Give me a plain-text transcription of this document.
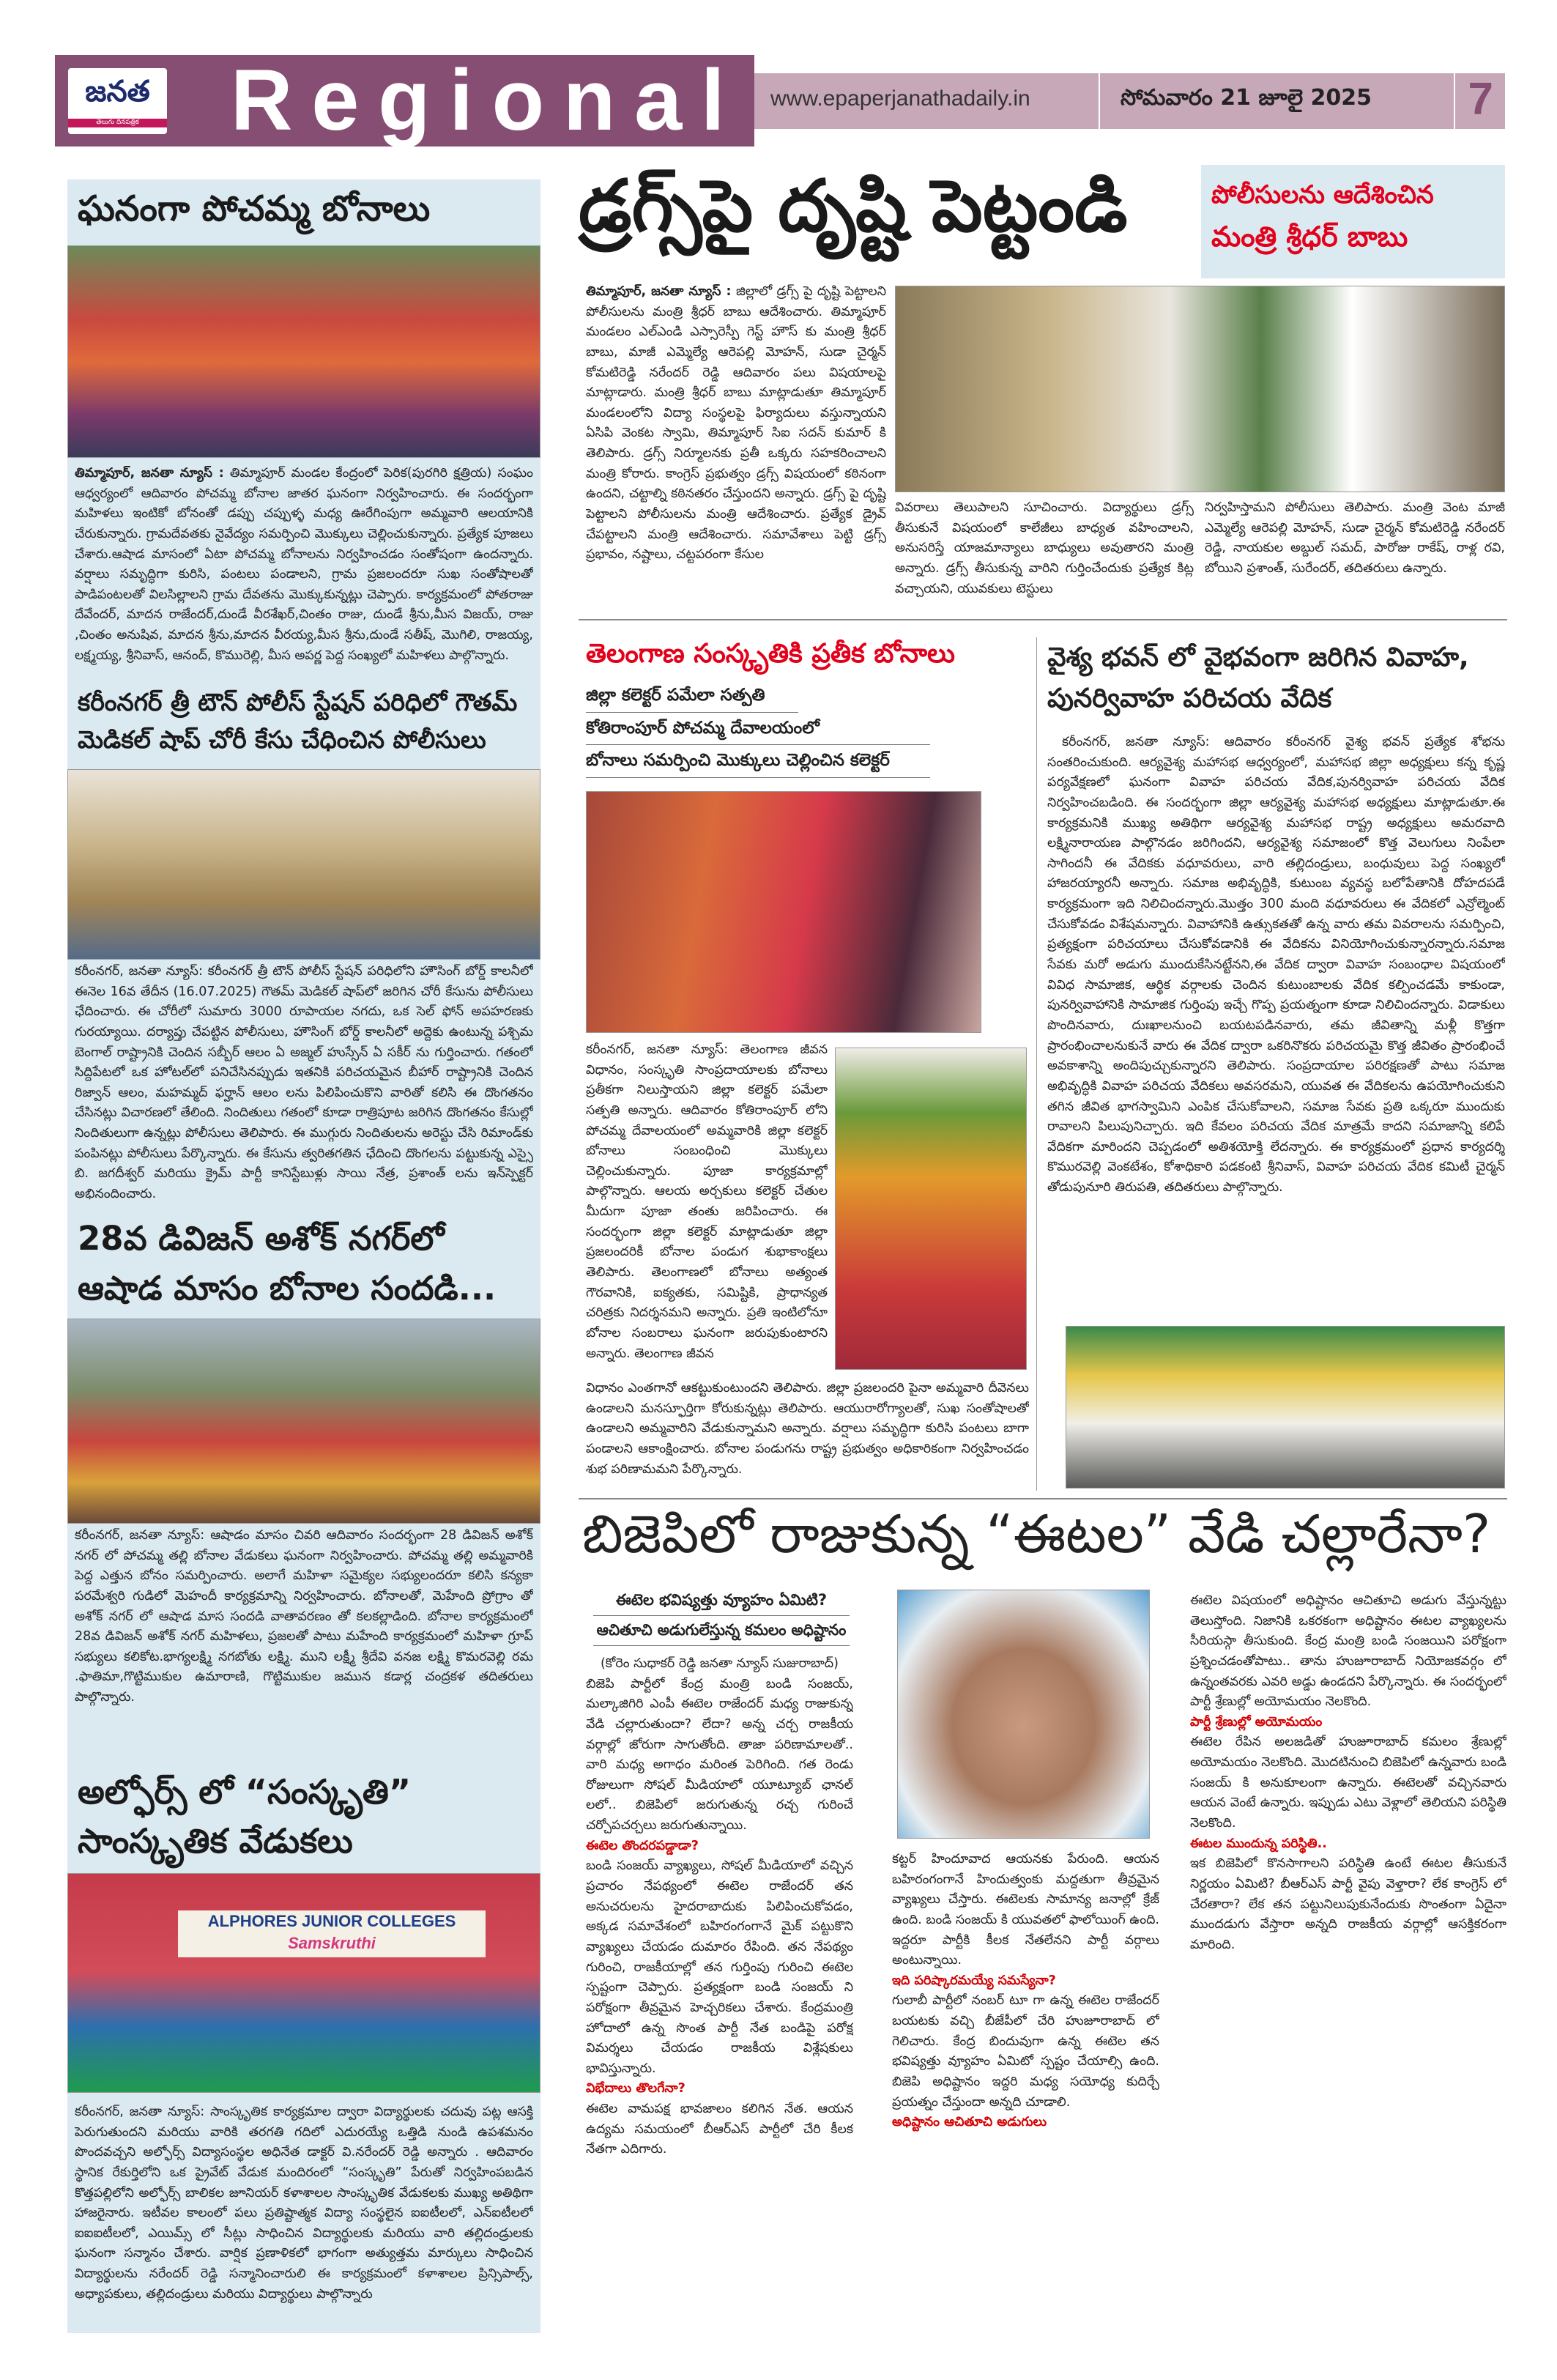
జనత
తెలుగు దినపత్రిక	Regional www.epaperjanathadaily.in	సోమవారం 21 జూలై 2025 7
ఘనంగా పోచమ్మ బోనాలు
తిమ్మాపూర్, జనతా న్యూస్ : తిమ్మాపూర్ మండల కేంద్రంలో పెరిక(పురగిరి క్షత్రియ) సంఘం ఆధ్వర్యంలో ఆదివారం పోచమ్మ బోనాల జాతర ఘనంగా నిర్వహించారు. ఈ సందర్భంగా మహిళలు ఇంటికో బోనంతో డప్పు చప్పుళ్ళ మధ్య ఊరేగింపుగా అమ్మవారి ఆలయానికి చేరుకున్నారు. గ్రామదేవతకు నైవేద్యం సమర్పించి మొక్కులు చెల్లించుకున్నారు. ప్రత్యేక పూజలు చేశారు.ఆషాడ మాసంలో ఏటా పోచమ్మ బోనాలను నిర్వహించడం సంతోషంగా ఉందన్నారు. వర్షాలు సమృద్ధిగా కురిసి, పంటలు పండాలని, గ్రామ ప్రజలందరూ సుఖ సంతోషాలతో పాడిపంటలతో విలసిల్లాలని గ్రామ దేవతను మొక్కుకున్నట్లు చెప్పారు. కార్యక్రమంలో పోతరాజు దేవేందర్, మాదన రాజేందర్,దుండే వీరశేఖర్,చింతం రాజు, దుండే శ్రీను,మీస విజయ్, రాజు ,చింతం అనుషివ, మాదన శ్రీను,మాదన వీరయ్య,మీస శ్రీను,దుండే సతీష్, మొగిలి, రాజయ్య, లక్ష్మయ్య, శ్రీనివాస్, ఆనంద్, కొమురెల్లి, మీస అపర్ణ పెద్ద సంఖ్యలో మహిళలు పాల్గొన్నారు.
కరీంనగర్ త్రీ టౌన్ పోలీస్ స్టేషన్ పరిధిలో గౌతమ్ మెడికల్ షాప్ చోరీ కేసు చేధించిన పోలీసులు
కరీంనగర్, జనతా న్యూస్: కరీంనగర్ త్రీ టౌన్ పోలీస్ స్టేషన్ పరిధిలోని హౌసింగ్ బోర్డ్ కాలనీలో ఈనెల 16వ తేదీన (16.07.2025) గౌతమ్ మెడికల్ షాప్‌లో జరిగిన చోరీ కేసును పోలీసులు ఛేదించారు. ఈ చోరీలో సుమారు 3000 రూపాయల నగదు, ఒక సెల్ ఫోన్ అపహరణకు గురయ్యాయి. దర్యాప్తు చేపట్టిన పోలీసులు, హౌసింగ్ బోర్డ్ కాలనీలో అద్దెకు ఉంటున్న పశ్చిమ బెంగాల్ రాష్ట్రానికి చెందిన సబ్బీర్ ఆలం ఏ అజ్మల్ హుస్సేన్ ఏ సకీర్ ను గుర్తించారు. గతంలో సిద్దిపేటలో ఒక హోటల్‌లో పనిచేసినప్పుడు ఇతనికి పరిచయమైన బీహార్ రాష్ట్రానికి చెందిన రిజ్వాన్ ఆలం, మహమ్మద్ ఫర్హాన్ ఆలం లను పిలిపించుకొని వారితో కలిసి ఈ దొంగతనం చేసినట్లు విచారణలో తేలింది. నిందితులు గతంలో కూడా రాత్రిపూట జరిగిన దొంగతనం కేసుల్లో నిందితులుగా ఉన్నట్లు పోలీసులు తెలిపారు. ఈ ముగ్గురు నిందితులను అరెస్టు చేసి రిమాండ్‌కు పంపినట్లు పోలీసులు పేర్కొన్నారు. ఈ కేసును త్వరితగతిన ఛేదించి దొంగలను పట్టుకున్న ఎస్సై బి. జగదీశ్వర్ మరియు క్రైమ్ పార్టీ కానిస్టేబుళ్లు సాయి నేత్ర, ప్రశాంత్ లను ఇన్‌స్పెక్టర్ అభినందించారు.
28వ డివిజన్ అశోక్ నగర్‌లో ఆషాడ మాసం బోనాల సందడి...
కరీంనగర్, జనతా న్యూస్: ఆషాడం మాసం చివరి ఆదివారం సందర్భంగా 28 డివిజన్ అశోక్ నగర్ లో పోచమ్మ తల్లి బోనాల వేడుకలు ఘనంగా నిర్వహించారు. పోచమ్మ తల్లి అమ్మవారికి పెద్ద ఎత్తున బోనం సమర్పించారు. అలాగే మహిళా సమైక్యల సభ్యులందరూ కలిసి కన్యకా పరమేశ్వరి గుడిలో మెహందీ కార్యక్రమాన్ని నిర్వహించారు. బోనాలతో, మెహేంది ప్రోగ్రాం తో అశోక్ నగర్ లో ఆషాడ మాస సందడి వాతావరణం తో కలకల్లాడింది. బోనాల కార్యక్రమంలో 28వ డివిజన్ అశోక్ నగర్ మహిళలు, ప్రజలతో పాటు మహేంది కార్యక్రమంలో మహిళా గ్రూప్ సభ్యులు కలికోట.భాగ్యలక్ష్మి నగబోతు లక్ష్మి. ముని లక్ష్మీ శ్రీదేవి వనజ లక్ష్మి కొమరవెల్లి రమ .ఫాతిమా,గొట్టిముకుల ఉమారాణి, గొట్టిముకుల జమున కడార్ల చంద్రకళ తదితరులు పాల్గొన్నారు.
అల్ఫోర్స్ లో “సంస్కృతి” సాంస్కృతిక వేడుకలు
ALPHORES JUNIOR COLLEGES
Samskruthi
కరీంనగర్, జనతా న్యూస్: సాంస్కృతిక కార్యక్రమాల ద్వారా విద్యార్థులకు చదువు పట్ల ఆసక్తి పెరుగుతుందని మరియు వారికి తరగతి గదిలో ఎదురయ్యే ఒత్తిడి నుండి ఉపశమనం పొందవచ్చని అల్ఫోర్స్ విద్యాసంస్థల అధినేత డాక్టర్ వి.నరేందర్ రెడ్డి అన్నారు . ఆదివారం స్థానిక రేకుర్తిలోని ఒక ప్రైవేట్ వేడుక మందిరంలో “సంస్కృతి” పేరుతో నిర్వహింపబడిన కొత్తపల్లిలోని అల్ఫోర్స్ బాలికల జూనియర్ కళాశాలల సాంస్కృతిక వేడుకలకు ముఖ్య అతిథిగా హాజరైనారు. ఇటీవల కాలంలో పలు ప్రతిష్టాత్మక విద్యా సంస్థలైన ఐఐటీలలో, ఎన్ఐటీలలో ఐఐఐటీలలో, ఎయిమ్స్ లో సీట్లు సాధించిన విద్యార్థులకు మరియు వారి తల్లిదండ్రులకు ఘనంగా సన్మానం చేశారు. వార్షిక ప్రణాళికలో భాగంగా అత్యుత్తమ మార్కులు సాధించిన విద్యార్థులను నరేందర్ రెడ్డి సన్మానించారులి ఈ కార్యక్రమంలో కళాశాలల ప్రిన్సిపాల్స్, అధ్యాపకులు, తల్లిదండ్రులు మరియు విద్యార్థులు పాల్గొన్నారు
డ్రగ్స్‌పై దృష్టి పెట్టండి	పోలీసులను ఆదేశించిన
మంత్రి శ్రీధర్ బాబు
తిమ్మాపూర్, జనతా న్యూస్ : జిల్లాలో డ్రగ్స్ పై దృష్టి పెట్టాలని పోలీసులను మంత్రి శ్రీధర్ బాబు ఆదేశించారు. తిమ్మాపూర్ మండలం ఎల్ఎండి ఎస్సారెస్పీ గెస్ట్ హౌస్ కు మంత్రి శ్రీధర్ బాబు, మాజీ ఎమ్మెల్యే ఆరెపల్లి మోహన్, సుడా చైర్మన్ కోమటిరెడ్డి నరేందర్ రెడ్డి ఆదివారం పలు విషయాలపై మాట్లాడారు. మంత్రి శ్రీధర్ బాబు మాట్లాడుతూ తిమ్మాపూర్ మండలంలోని విద్యా సంస్థలపై ఫిర్యాదులు వస్తున్నాయని ఏసిపి వెంకట స్వామి, తిమ్మాపూర్ సిఐ సదన్ కుమార్ కి తెలిపారు. డ్రగ్స్ నిర్మూలనకు ప్రతీ ఒక్కరు సహకరించాలని మంత్రి కోరారు. కాంగ్రెస్ ప్రభుత్వం డ్రగ్స్ విషయంలో కఠినంగా ఉందని, చట్టాల్ని కఠినతరం చేస్తుందని అన్నారు. డ్రగ్స్ పై దృష్టి పెట్టాలని పోలీసులను మంత్రి ఆదేశించారు. ప్రత్యేక డ్రైవ్ చేపట్టాలని మంత్రి ఆదేశించారు. సమావేశాలు పెట్టి డ్రగ్స్ ప్రభావం, నష్టాలు, చట్టపరంగా కేసుల
వివరాలు తెలుపాలని సూచించారు. విద్యార్థులు డ్రగ్స్ తీసుకునే విషయంలో కాలేజీలు బాధ్యత వహించాలని, అనుసరిస్తే యాజమాన్యాలు బాధ్యులు అవుతారని మంత్రి అన్నారు. డ్రగ్స్ తీసుకున్న వారిని గుర్తించేందుకు ప్రత్యేక కిట్ల వచ్చాయని, యువకులు టెస్టులు
నిర్వహిస్తామని పోలీసులు తెలిపారు. మంత్రి వెంట మాజీ ఎమ్మెల్యే ఆరెపల్లి మోహన్, సుడా చైర్మన్ కోమటిరెడ్డి నరేందర్ రెడ్డి, నాయకుల అబ్దుల్ సమద్, పారోజు రాకేష్, రాళ్ల రవి, బోయిని ప్రశాంత్, సురేందర్, తదితరులు ఉన్నారు.
తెలంగాణ సంస్కృతికి ప్రతీక బోనాలు
జిల్లా కలెక్టర్ పమేలా సత్పతి
కోతిరాంపూర్ పోచమ్మ దేవాలయంలో
బోనాలు సమర్పించి మొక్కులు చెల్లించిన కలెక్టర్
కరీంనగర్, జనతా న్యూస్: తెలంగాణ జీవన విధానం, సంస్కృతి సాంప్రదాయాలకు బోనాలు ప్రతీకగా నిలుస్తాయని జిల్లా కలెక్టర్ పమేలా సత్పతి అన్నారు. ఆదివారం కోతిరాంపూర్ లోని పోచమ్మ దేవాలయంలో అమ్మవారికి జిల్లా కలెక్టర్ బోనాలు సంబంధించి మొక్కులు చెల్లించుకున్నారు. పూజా కార్యక్రమాల్లో పాల్గొన్నారు. ఆలయ అర్చకులు కలెక్టర్ చేతుల మీదుగా పూజా తంతు జరిపించారు. ఈ సందర్భంగా జిల్లా కలెక్టర్ మాట్లాడుతూ జిల్లా ప్రజలందరికీ బోనాల పండుగ శుభాకాంక్షలు తెలిపారు. తెలంగాణలో బోనాలు అత్యంత గౌరవానికి, ఐక్యతకు, సమిష్టికి, ప్రాధాన్యత చరిత్రకు నిదర్శనమని అన్నారు. ప్రతి ఇంటిలోనూ బోనాల సంబరాలు ఘనంగా జరుపుకుంటారని అన్నారు. తెలంగాణ జీవన
విధానం ఎంతగానో ఆకట్టుకుంటుందని తెలిపారు. జిల్లా ప్రజలందరి పైనా అమ్మవారి దీవెనలు ఉండాలని మనస్ఫూర్తిగా కోరుకున్నట్లు తెలిపారు. ఆయురారోగ్యాలతో, సుఖ సంతోషాలతో ఉండాలని అమ్మవారిని వేడుకున్నామని అన్నారు. వర్షాలు సమృద్ధిగా కురిసి పంటలు బాగా పండాలని ఆకాంక్షించారు. బోనాల పండుగను రాష్ట్ర ప్రభుత్వం అధికారికంగా నిర్వహించడం శుభ పరిణామమని పేర్కొన్నారు.
వైశ్య భవన్ లో వైభవంగా జరిగిన వివాహ, పునర్వివాహ పరిచయ వేదిక
కరీంనగర్, జనతా న్యూస్: ఆదివారం కరీంనగర్ వైశ్య భవన్ ప్రత్యేక శోభను సంతరించుకుంది. ఆర్యవైశ్య మహాసభ ఆధ్వర్యంలో, మహాసభ జిల్లా అధ్యక్షులు కన్న కృష్ణ పర్యవేక్షణలో ఘనంగా వివాహ పరిచయ వేదిక,పునర్వివాహ పరిచయ వేదిక నిర్వహించబడింది. ఈ సందర్భంగా జిల్లా ఆర్యవైశ్య మహాసభ అధ్యక్షులు మాట్లాడుతూ.ఈ కార్యక్రమనికి ముఖ్య అతిథిగా ఆర్యవైశ్య మహాసభ రాష్ట్ర అధ్యక్షులు అమరవాది లక్ష్మినారాయణ పాల్గొనడం జరిగిందని, ఆర్యవైశ్య సమాజంలో కొత్త వెలుగులు నింపేలా సాగిందనీ ఈ వేదికకు వధూవరులు, వారి తల్లిదండ్రులు, బంధువులు పెద్ద సంఖ్యలో హాజరయ్యారనీ అన్నారు. సమాజ అభివృద్ధికి, కుటుంబ వ్యవస్థ బలోపేతానికి దోహదపడే కార్యక్రమంగా ఇది నిలిచిందన్నారు.మొత్తం 300 మంది వధూవరులు ఈ వేదికలో ఎన్రోల్మెంట్ చేసుకోవడం విశేషమన్నారు. వివాహానికి ఉత్సుకతతో ఉన్న వారు తమ వివరాలను సమర్పించి, ప్రత్యక్షంగా పరిచయాలు చేసుకోవడానికి ఈ వేదికను వినియోగించుకున్నారన్నారు.సమాజ సేవకు మరో అడుగు ముందుకేసినట్టేనని,ఈ వేదిక ద్వారా వివాహ సంబంధాల విషయంలో వివిధ సామాజిక, ఆర్థిక వర్గాలకు చెందిన కుటుంబాలకు వేదిక కల్పించడమే కాకుండా, పునర్వివాహానికి సామాజిక గుర్తింపు ఇచ్చే గొప్ప ప్రయత్నంగా కూడా నిలిచిందన్నారు. విడాకులు పొందినవారు, దుఃఖాలనుంచి బయటపడినవారు, తమ జీవితాన్ని మళ్లీ కొత్తగా ప్రారంభించాలనుకునే వారు ఈ వేదిక ద్వారా ఒకరినొకరు పరిచయమై కొత్త జీవితం ప్రారంభించే అవకాశాన్ని అందిపుచ్చుకున్నారని తెలిపారు. సంప్రదాయాల పరిరక్షణతో పాటు సమాజ అభివృద్ధికి వివాహ పరిచయ వేదికలు అవసరమని, యువత ఈ వేదికలను ఉపయోగించుకుని తగిన జీవిత భాగస్వామిని ఎంపిక చేసుకోవాలని, సమాజ సేవకు ప్రతి ఒక్కరూ ముందుకు రావాలని పిలుపునిచ్చారు. ఇది కేవలం పరిచయ వేదిక మాత్రమే కాదని సమాజాన్ని కలిపే వేదికగా మారిందని చెప్పడంలో అతిశయోక్తి లేదన్నారు. ఈ కార్యక్రమంలో ప్రధాన కార్యదర్శి కొమురవెల్లి వెంకటేశం, కోశాధికారి పడకంటి శ్రీనివాస్, వివాహ పరిచయ వేదిక కమిటీ చైర్మన్ తోడుపునూరి తిరుపతి, తదితరులు పాల్గొన్నారు.
బిజెపిలో రాజుకున్న “ఈటల” వేడి చల్లారేనా?
ఈటెల భవిష్యత్తు వ్యూహం ఏమిటి?
ఆచితూచి అడుగులేస్తున్న కమలం అధిష్టానం
(కోరెం సుధాకర్ రెడ్డి జనతా న్యూస్ సుజురాబాద్)
బిజెపి పార్టీలో కేంద్ర మంత్రి బండి సంజయ్, మల్కాజిగిరి ఎంపీ ఈటెల రాజేందర్ మధ్య రాజుకున్న వేడి చల్లారుతుందా? లేదా? అన్న చర్చ రాజకీయ వర్గాల్లో జోరుగా సాగుతోంది. తాజా పరిణామాలతో.. వారి మధ్య అగాధం మరింత పెరిగింది. గత రెండు రోజులుగా సోషల్ మీడియాలో యూట్యూబ్ ఛానల్ లలో.. బిజెపిలో జరుగుతున్న రచ్చ గురించే చర్చోపచర్చలు జరుగుతున్నాయి.
ఈటెల తొందరపడ్డాడా?
బండి సంజయ్ వ్యాఖ్యలు, సోషల్ మీడియాలో వచ్చిన ప్రచారం నేపథ్యంలో ఈటెల రాజేందర్ తన అనుచరులను హైదరాబాదుకు పిలిపించుకోవడం, అక్కడ సమావేశంలో బహిరంగంగానే మైక్ పట్టుకొని వ్యాఖ్యలు చేయడం దుమారం రేపింది. తన నేపథ్యం గురించి, రాజకీయాల్లో తన గుర్తింపు గురించి ఈటెల స్పష్టంగా చెప్పారు. ప్రత్యక్షంగా బండి సంజయ్ ని పరోక్షంగా తీవ్రమైన హెచ్చరికలు చేశారు. కేంద్రమంత్రి హోదాలో ఉన్న సొంత పార్టీ నేత బండిపై పరోక్ష విమర్శలు చేయడం రాజకీయ విశ్లేషకులు భావిస్తున్నారు.
విభేదాలు తొలగేనా?
ఈటెల వామపక్ష భావజాలం కలిగిన నేత. ఆయన ఉద్యమ సమయంలో బీఆర్ఎస్ పార్టీలో చేరి కీలక నేతగా ఎదిగారు.
కట్టర్ హిందూవాద ఆయనకు పేరుంది. ఆయన బహిరంగంగానే హిందుత్వంకు మద్దతుగా తీవ్రమైన వ్యాఖ్యలు చేస్తారు. ఈటెలకు సామాన్య జనాల్లో క్రేజ్ ఉంది. బండి సంజయ్ కి యువతలో ఫాలోయింగ్ ఉంది. ఇద్దరూ పార్టీకి కీలక నేతలేనని పార్టీ వర్గాలు అంటున్నాయి.
ఇది పరిష్కారమయ్యే సమస్యేనా?
గులాబీ పార్టీలో నంబర్ టూ గా ఉన్న ఈటెల రాజేందర్ బయటకు వచ్చి బీజేపీలో చేరి హుజూరాబాద్ లో గెలిచారు. కేంద్ర బిందువుగా ఉన్న ఈటెల తన భవిష్యత్తు వ్యూహం ఏమిటో స్పష్టం చేయాల్సి ఉంది. బిజెపి అధిష్టానం ఇద్దరి మధ్య సయోధ్య కుదిర్చే ప్రయత్నం చేస్తుందా అన్నది చూడాలి.
అధిష్టానం ఆచితూచి అడుగులు
ఈటెల విషయంలో అధిష్టానం ఆచితూచి అడుగు వేస్తున్నట్టు తెలుస్తోంది. నిజానికి ఒకరకంగా అధిష్టానం ఈటల వ్యాఖ్యలను సీరియస్గా తీసుకుంది. కేంద్ర మంత్రి బండి సంజయిని పరోక్షంగా ప్రశ్నించడంతోపాటు.. తాను హుజూరాబాద్ నియోజకవర్గం లో ఉన్నంతవరకు ఎవరి అడ్డు ఉండదని పేర్కొన్నారు. ఈ సందర్భంలో పార్టీ శ్రేణుల్లో అయోమయం నెలకొంది.
పార్టీ శ్రేణుల్లో అయోమయం
ఈటెల రేపిన అలజడితో హుజూరాబాద్ కమలం శ్రేణుల్లో అయోమయం నెలకొంది. మొదటినుంచి బిజెపిలో ఉన్నవారు బండి సంజయ్ కి అనుకూలంగా ఉన్నారు. ఈటెలతో వచ్చినవారు ఆయన వెంటే ఉన్నారు. ఇప్పుడు ఎటు వెళ్లాలో తెలియని పరిస్థితి నెలకొంది.
ఈటల ముందున్న పరిస్థితి..
ఇక బిజెపిలో కొనసాగాలని పరిస్థితి ఉంటే ఈటల తీసుకునే నిర్ణయం ఏమిటి? బీఆర్ఎస్ పార్టీ వైపు వెళ్తారా? లేక కాంగ్రెస్ లో చేరతారా? లేక తన పట్టునిలుపుకునేందుకు సొంతంగా ఏదైనా ముందడుగు వేస్తారా అన్నది రాజకీయ వర్గాల్లో ఆసక్తికరంగా మారింది.
